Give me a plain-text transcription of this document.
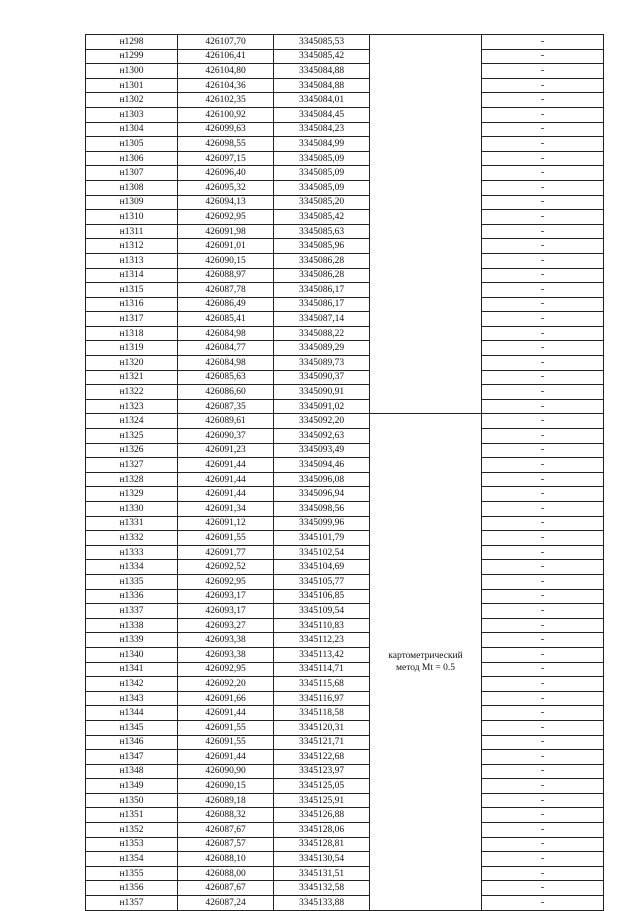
н1298	426107,70	3345085,53		-
н1299	426106,41	3345085,42		-
н1300	426104,80	3345084,88		-
н1301	426104,36	3345084,88		-
н1302	426102,35	3345084,01		-
н1303	426100,92	3345084,45		-
н1304	426099,63	3345084,23		-
н1305	426098,55	3345084,99		-
н1306	426097,15	3345085,09		-
н1307	426096,40	3345085,09		-
н1308	426095,32	3345085,09		-
н1309	426094,13	3345085,20		-
н1310	426092,95	3345085,42		-
н1311	426091,98	3345085,63		-
н1312	426091,01	3345085,96		-
н1313	426090,15	3345086,28		-
н1314	426088,97	3345086,28		-
н1315	426087,78	3345086,17		-
н1316	426086,49	3345086,17		-
н1317	426085,41	3345087,14		-
н1318	426084,98	3345088,22		-
н1319	426084,77	3345089,29		-
н1320	426084,98	3345089,73		-
н1321	426085,63	3345090,37		-
н1322	426086,60	3345090,91		-
н1323	426087,35	3345091,02		-
н1324	426089,61	3345092,20	картометрический метод Mt = 0.5	-
н1325	426090,37	3345092,63		-
н1326	426091,23	3345093,49		-
н1327	426091,44	3345094,46		-
н1328	426091,44	3345096,08		-
н1329	426091,44	3345096,94		-
н1330	426091,34	3345098,56		-
н1331	426091,12	3345099,96		-
н1332	426091,55	3345101,79		-
н1333	426091,77	3345102,54		-
н1334	426092,52	3345104,69		-
н1335	426092,95	3345105,77		-
н1336	426093,17	3345106,85		-
н1337	426093,17	3345109,54		-
н1338	426093,27	3345110,83		-
н1339	426093,38	3345112,23		-
н1340	426093,38	3345113,42		-
н1341	426092,95	3345114,71		-
н1342	426092,20	3345115,68		-
н1343	426091,66	3345116,97		-
н1344	426091,44	3345118,58		-
н1345	426091,55	3345120,31		-
н1346	426091,55	3345121,71		-
н1347	426091,44	3345122,68		-
н1348	426090,90	3345123,97		-
н1349	426090,15	3345125,05		-
н1350	426089,18	3345125,91		-
н1351	426088,32	3345126,88		-
н1352	426087,67	3345128,06		-
н1353	426087,57	3345128,81		-
н1354	426088,10	3345130,54		-
н1355	426088,00	3345131,51		-
н1356	426087,67	3345132,58		-
н1357	426087,24	3345133,88		-
